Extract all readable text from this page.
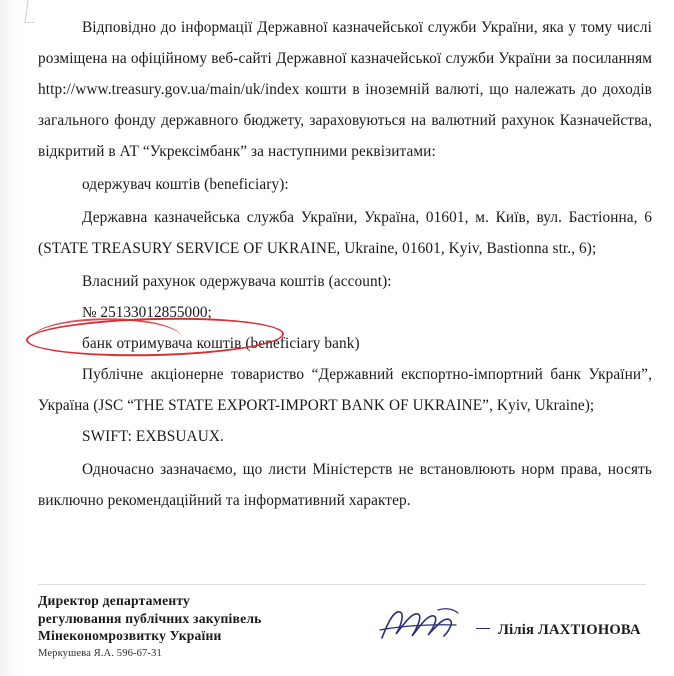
Відповідно до інформації Державної казначейської служби України, яка у тому числі розміщена на офіційному веб-сайті Державної казначейської служби України за посиланням http://www.treasury.gov.ua/main/uk/index кошти в іноземній валюті, що належать до доходів загального фонду державного бюджету, зараховуються на валютний рахунок Казначейства, відкритий в АТ “Укрексімбанк” за наступними реквізитами:

одержувач коштів (beneficiary):

Державна казначейська служба України, Україна, 01601, м. Київ, вул. Бастіонна, 6 (STATE TREASURY SERVICE OF UKRAINE, Ukraine, 01601, Kyiv, Bastionna str., 6);

Власний рахунок одержувача коштів (account):

№ 25133012855000;

банк отримувача коштів (beneficiary bank)

Публічне акціонерне товариство “Державний експортно-імпортний банк України”, Україна (JSC “THE STATE EXPORT-IMPORT BANK OF UKRAINE”, Kyiv, Ukraine);

SWIFT: EXBSUAUX.

Одночасно зазначаємо, що листи Міністерств не встановлюють норм права, носять виключно рекомендаційний та інформативний характер.

Директор департаменту
регулювання публічних закупівель
Мінекономрозвитку України	Лілія ЛАХТІОНОВА
Меркушева Я.А. 596-67-31
